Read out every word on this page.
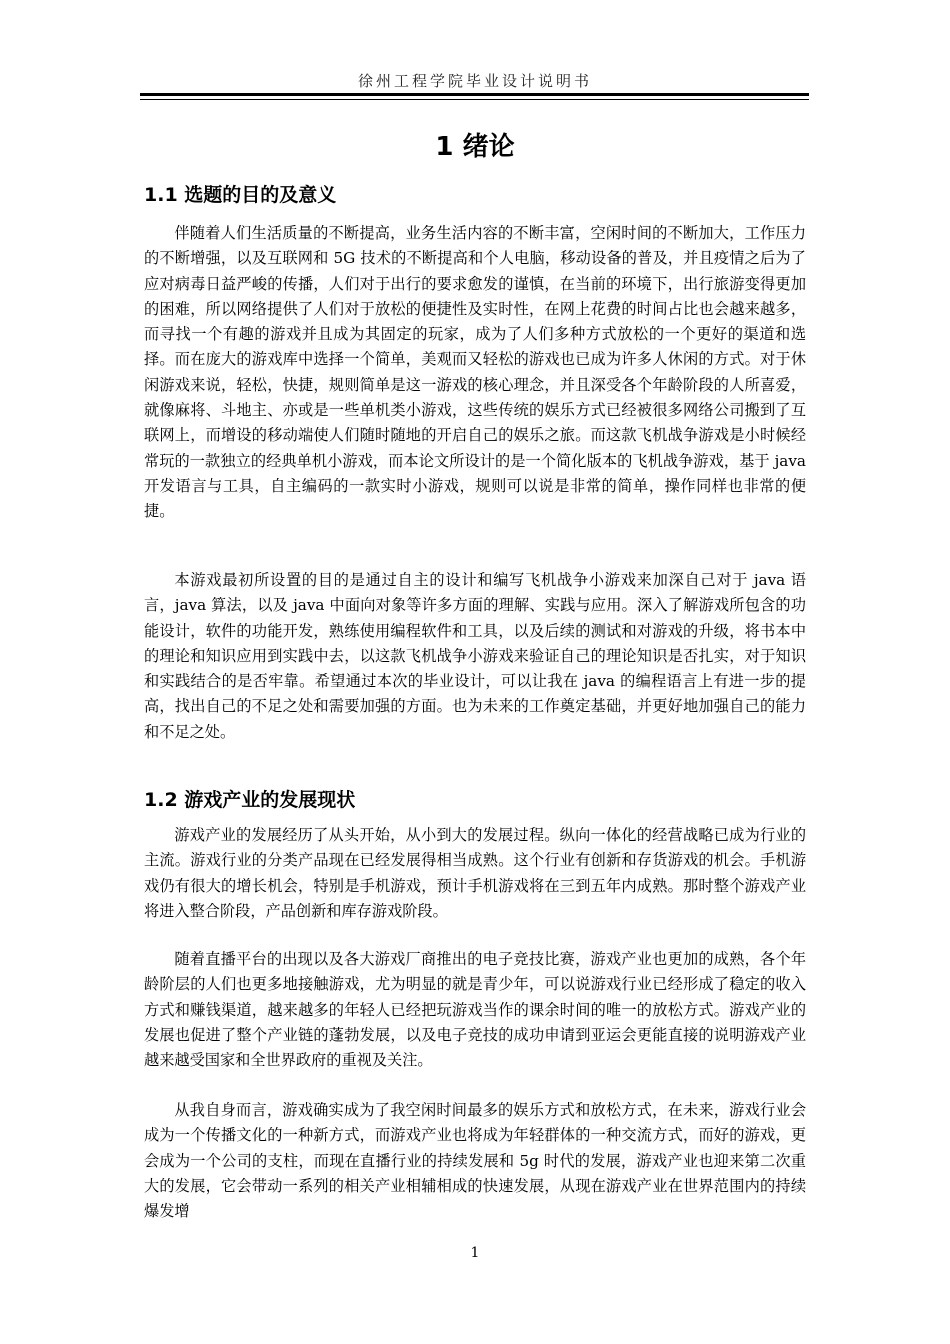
徐州工程学院毕业设计说明书
1 绪论
1.1 选题的目的及意义

伴随着人们生活质量的不断提高，业务生活内容的不断丰富，空闲时间的不断加大，工作压力的不断增强，以及互联网和 5G 技术的不断提高和个人电脑，移动设备的普及，并且疫情之后为了应对病毒日益严峻的传播，人们对于出行的要求愈发的谨慎，在当前的环境下，出行旅游变得更加的困难，所以网络提供了人们对于放松的便捷性及实时性，在网上花费的时间占比也会越来越多，而寻找一个有趣的游戏并且成为其固定的玩家，成为了人们多种方式放松的一个更好的渠道和选择。而在庞大的游戏库中选择一个简单，美观而又轻松的游戏也已成为许多人休闲的方式。对于休闲游戏来说，轻松，快捷，规则简单是这一游戏的核心理念，并且深受各个年龄阶段的人所喜爱，就像麻将、斗地主、亦或是一些单机类小游戏，这些传统的娱乐方式已经被很多网络公司搬到了互联网上，而增设的移动端使人们随时随地的开启自己的娱乐之旅。而这款飞机战争游戏是小时候经常玩的一款独立的经典单机小游戏，而本论文所设计的是一个简化版本的飞机战争游戏，基于 java 开发语言与工具，自主编码的一款实时小游戏，规则可以说是非常的简单，操作同样也非常的便捷。

本游戏最初所设置的目的是通过自主的设计和编写飞机战争小游戏来加深自己对于 java 语言，java 算法，以及 java 中面向对象等许多方面的理解、实践与应用。深入了解游戏所包含的功能设计，软件的功能开发，熟练使用编程软件和工具，以及后续的测试和对游戏的升级，将书本中的理论和知识应用到实践中去，以这款飞机战争小游戏来验证自己的理论知识是否扎实，对于知识和实践结合的是否牢靠。希望通过本次的毕业设计，可以让我在 java 的编程语言上有进一步的提高，找出自己的不足之处和需要加强的方面。也为未来的工作奠定基础，并更好地加强自己的能力和不足之处。

1.2 游戏产业的发展现状

游戏产业的发展经历了从头开始，从小到大的发展过程。纵向一体化的经营战略已成为行业的主流。游戏行业的分类产品现在已经发展得相当成熟。这个行业有创新和存货游戏的机会。手机游戏仍有很大的增长机会，特别是手机游戏，预计手机游戏将在三到五年内成熟。那时整个游戏产业将进入整合阶段，产品创新和库存游戏阶段。

随着直播平台的出现以及各大游戏厂商推出的电子竞技比赛，游戏产业也更加的成熟，各个年龄阶层的人们也更多地接触游戏，尤为明显的就是青少年，可以说游戏行业已经形成了稳定的收入方式和赚钱渠道，越来越多的年轻人已经把玩游戏当作的课余时间的唯一的放松方式。游戏产业的发展也促进了整个产业链的蓬勃发展，以及电子竞技的成功申请到亚运会更能直接的说明游戏产业越来越受国家和全世界政府的重视及关注。

从我自身而言，游戏确实成为了我空闲时间最多的娱乐方式和放松方式，在未来，游戏行业会成为一个传播文化的一种新方式，而游戏产业也将成为年轻群体的一种交流方式，而好的游戏，更会成为一个公司的支柱，而现在直播行业的持续发展和 5g 时代的发展，游戏产业也迎来第二次重大的发展，它会带动一系列的相关产业相辅相成的快速发展，从现在游戏产业在世界范围内的持续爆发增

1
